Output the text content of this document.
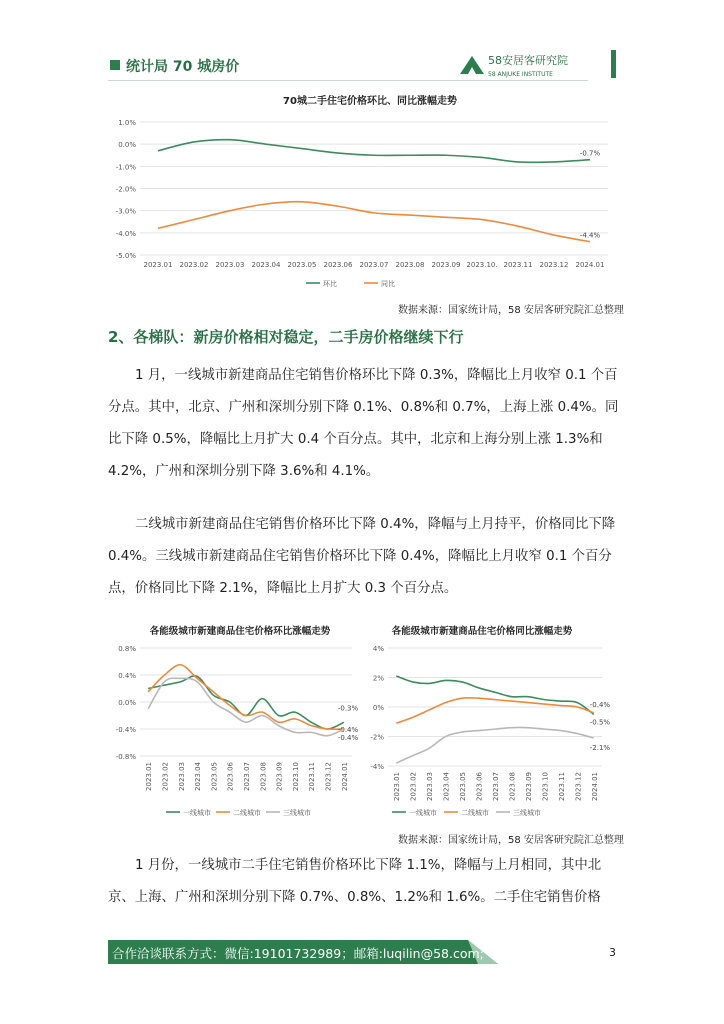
统计局 70 城房价	58安居客研究院
58 ANJUKE INSTITUTE
70城二手住宅价格环比、同比涨幅走势
1.0%
0.0%
-1.0%
-2.0%
-3.0%
-4.0%
-5.0%
2023.01 2023.02 2023.03 2023.04 2023.05 2023.06 2023.07 2023.08 2023.09 2023.10. 2023.11 2023.12 2024.01
-0.7%
-4.4%
环比	同比
数据来源：国家统计局，58 安居客研究院汇总整理
2、各梯队：新房价格相对稳定，二手房价格继续下行
1 月，一线城市新建商品住宅销售价格环比下降 0.3%，降幅比上月收窄 0.1 个百分点。其中，北京、广州和深圳分别下降 0.1%、0.8%和 0.7%，上海上涨 0.4%。同比下降 0.5%，降幅比上月扩大 0.4 个百分点。其中，北京和上海分别上涨 1.3%和 4.2%，广州和深圳分别下降 3.6%和 4.1%。
二线城市新建商品住宅销售价格环比下降 0.4%，降幅与上月持平，价格同比下降 0.4%。三线城市新建商品住宅销售价格环比下降 0.4%，降幅比上月收窄 0.1 个百分点，价格同比下降 2.1%，降幅比上月扩大 0.3 个百分点。
各能级城市新建商品住宅价格环比涨幅走势
0.8%
0.4%
0.0%
-0.4%
-0.8%
2023.01 2023.02 2023.03 2023.04 2023.05 2023.06 2023.07 2023.08 2023.09 2023.10 2023.11 2023.12 2024.01
-0.3%
-0.4%
-0.4%
一线城市	二线城市	三线城市
各能级城市新建商品住宅价格同比涨幅走势
4%
2%
0%
-2%
-4%
2023.01 2023.02 2023.03 2023.04 2023.05 2023.06 2023.07 2023.08 2023.09 2023.10 2023.11 2023.12 2024.01
-0.5%
-0.4%
-2.1%
一线城市	二线城市	三线城市
数据来源：国家统计局，58 安居客研究院汇总整理
1 月份，一线城市二手住宅销售价格环比下降 1.1%，降幅与上月相同，其中北京、上海、广州和深圳分别下降 0.7%、0.8%、1.2%和 1.6%。二手住宅销售价格
合作洽谈联系方式：微信:19101732989；邮箱:luqilin@58.com;	3
